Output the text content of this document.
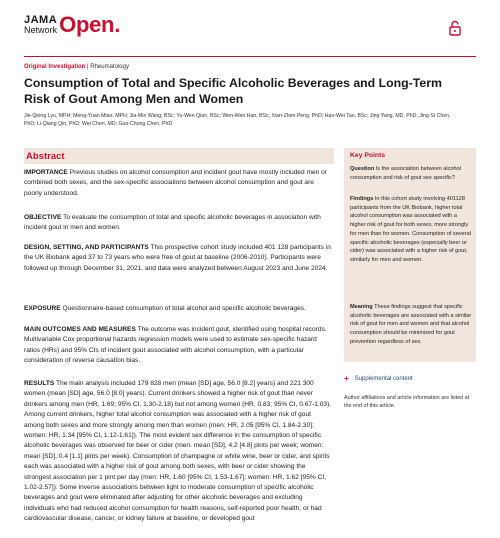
JAMA
Network Open.
Original Investigation | Rheumatology
Consumption of Total and Specific Alcoholic Beverages and Long-Term Risk of Gout Among Men and Women
Jie-Qiong Lyu, MPH; Meng-Yuan Miao, MPH; Jia-Min Wang, BSc; Yu-Wen Qian, BSc; Wen-Wen Han, BSc; Xian-Zhen Peng, PhD; Hao-Wei Tao, BSc; Jing Yang, MD, PhD; Jing-Si Chen, PhD; Li-Qiang Qin, PhD; Wei Chen, MD; Guo-Chong Chen, PhD
Abstract
IMPORTANCE Previous studies on alcohol consumption and incident gout have mostly included men or combined both sexes, and the sex-specific associations between alcohol consumption and gout are poorly understood.
OBJECTIVE To evaluate the consumption of total and specific alcoholic beverages in association with incident gout in men and women.
DESIGN, SETTING, AND PARTICIPANTS This prospective cohort study included 401 128 participants in the UK Biobank aged 37 to 73 years who were free of gout at baseline (2006-2010). Participants were followed up through December 31, 2021, and data were analyzed between August 2023 and June 2024.
EXPOSURE Questionnaire-based consumption of total alcohol and specific alcoholic beverages.
MAIN OUTCOMES AND MEASURES The outcome was incident gout, identified using hospital records. Multivariable Cox proportional hazards regression models were used to estimate sex-specific hazard ratios (HRs) and 95% CIs of incident gout associated with alcohol consumption, with a particular consideration of reverse causation bias.
RESULTS The main analysis included 179 828 men (mean [SD] age, 56.0 [8.2] years) and 221 300 women (mean [SD] age, 56.0 [8.0] years). Current drinkers showed a higher risk of gout than never drinkers among men (HR, 1.69; 95% CI, 1.30-2.18) but not among women (HR, 0.83; 95% CI, 0.67-1.03). Among current drinkers, higher total alcohol consumption was associated with a higher risk of gout among both sexes and more strongly among men than women (men: HR, 2.05 [95% CI, 1.84-2.30]; women: HR, 1.34 [95% CI, 1.12-1.61]). The most evident sex difference in the consumption of specific alcoholic beverages was observed for beer or cider (men: mean [SD], 4.2 [4.8] pints per week; women: mean [SD], 0.4 [1.1] pints per week). Consumption of champagne or white wine, beer or cider, and spirits each was associated with a higher risk of gout among both sexes, with beer or cider showing the strongest association per 1 pint per day (men: HR, 1.60 [95% CI, 1.53-1.67]; women: HR, 1.62 [95% CI, 1.02-2.57]). Some inverse associations between light to moderate consumption of specific alcoholic beverages and gout were eliminated after adjusting for other alcoholic beverages and excluding individuals who had reduced alcohol consumption for health reasons, self-reported poor health, or had cardiovascular disease, cancer, or kidney failure at baseline, or developed gout
Key Points
Question Is the association between alcohol consumption and risk of gout sex specific?
Findings In this cohort study involving 401128 participants from the UK Biobank, higher total alcohol consumption was associated with a higher risk of gout for both sexes, more strongly for men than for women. Consumption of several specific alcoholic beverages (especially beer or cider) was associated with a higher risk of gout, similarly for men and women.
Meaning These findings suggest that specific alcoholic beverages are associated with a similar risk of gout for men and women and that alcohol consumption should be minimized for gout prevention regardless of sex.
+ Supplemental content
Author affiliations and article information are listed at the end of this article.
